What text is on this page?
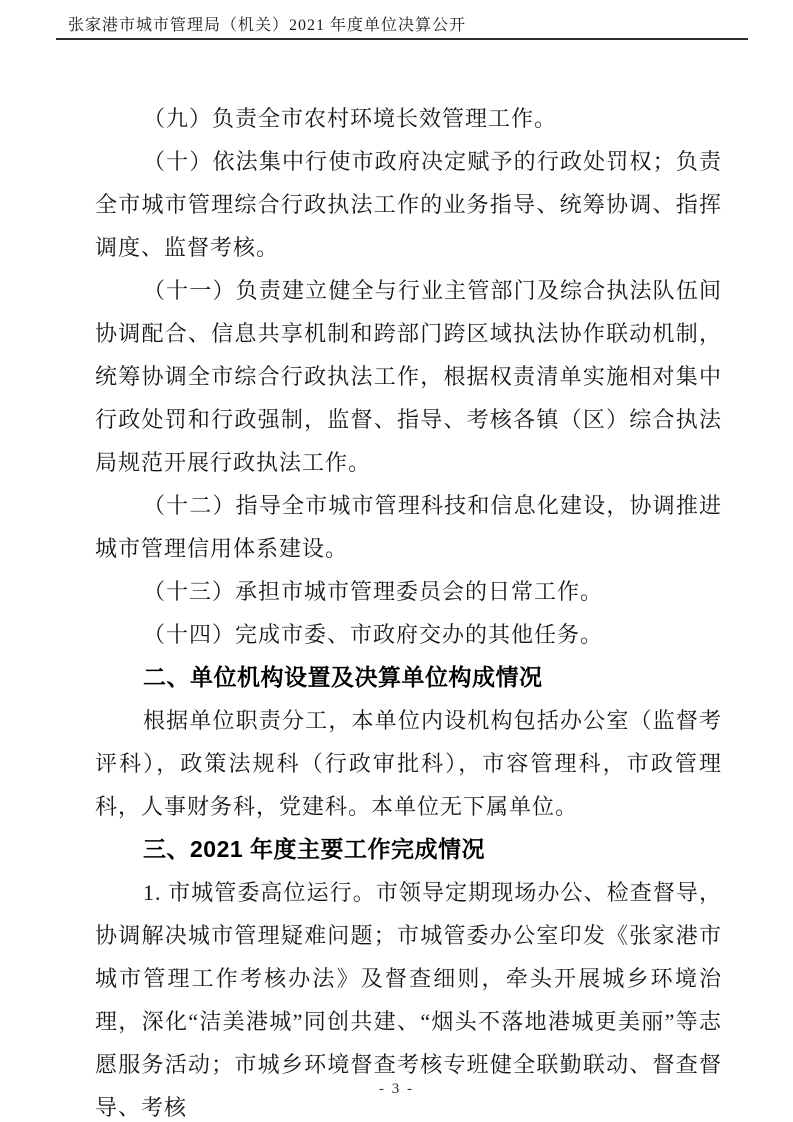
张家港市城市管理局（机关）2021 年度单位决算公开

（九）负责全市农村环境长效管理工作。

（十）依法集中行使市政府决定赋予的行政处罚权；负责全市城市管理综合行政执法工作的业务指导、统筹协调、指挥调度、监督考核。

（十一）负责建立健全与行业主管部门及综合执法队伍间协调配合、信息共享机制和跨部门跨区域执法协作联动机制，统筹协调全市综合行政执法工作，根据权责清单实施相对集中行政处罚和行政强制，监督、指导、考核各镇（区）综合执法局规范开展行政执法工作。

（十二）指导全市城市管理科技和信息化建设，协调推进城市管理信用体系建设。

（十三）承担市城市管理委员会的日常工作。

（十四）完成市委、市政府交办的其他任务。

二、单位机构设置及决算单位构成情况

根据单位职责分工，本单位内设机构包括办公室（监督考评科），政策法规科（行政审批科），市容管理科，市政管理科，人事财务科，党建科。本单位无下属单位。

三、2021 年度主要工作完成情况

1. 市城管委高位运行。市领导定期现场办公、检查督导，协调解决城市管理疑难问题；市城管委办公室印发《张家港市城市管理工作考核办法》及督查细则，牵头开展城乡环境治理，深化“洁美港城”同创共建、“烟头不落地港城更美丽”等志愿服务活动；市城乡环境督查考核专班健全联勤联动、督查督导、考核

- 3 -
